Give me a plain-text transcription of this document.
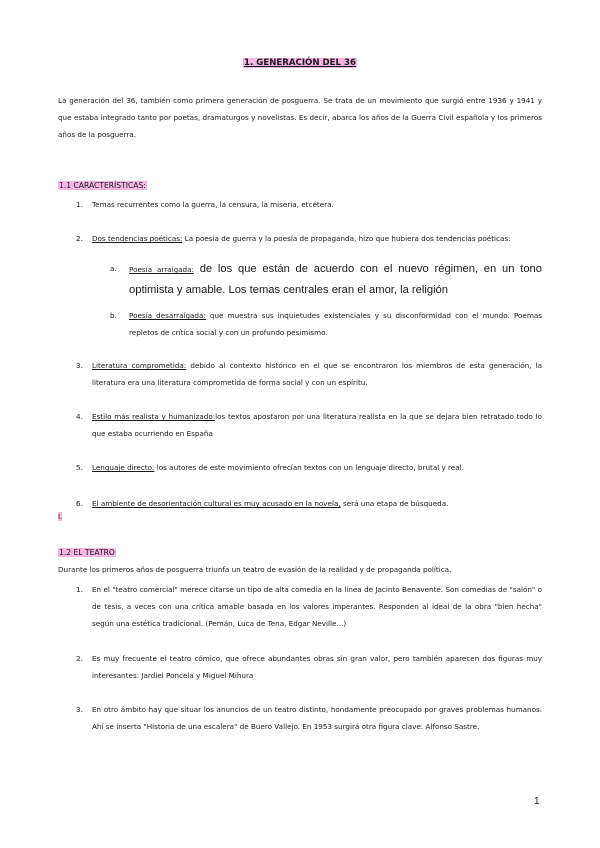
1. GENERACIÓN DEL 36
La generación del 36, también como primera generación de posguerra. Se trata de un movimiento que surgió entre 1936 y 1941 y que estaba integrado tanto por poetas, dramaturgos y novelistas. Es decir, abarca los años de la Guerra Civil española y los primeros años de la posguerra.
1.1 CARACTERÍSTICAS:
1. Temas recurrentes como la guerra, la censura, la miseria, etcétera.
2. Dos tendencias poéticas: La poesía de guerra y la poesía de propaganda, hizo que hubiera dos tendencias poéticas:
a. Poesía arraigada: de los que están de acuerdo con el nuevo régimen, en un tono optimista y amable. Los temas centrales eran el amor, la religión
b. Poesía desarraigada: que muestra sus inquietudes existenciales y su disconformidad con el mundo. Poemas repletos de crítica social y con un profundo pesimismo.
3. Literatura comprometida: debido al contexto histórico en el que se encontraron los miembros de esta generación, la literatura era una literatura comprometida de forma social y con un espíritu.
4. Estilo más realista y humanizado:los textos apostaron por una literatura realista en la que se dejara bien retratado todo lo que estaba ocurriendo en España
5. Lenguaje directo: los autores de este movimiento ofrecían textos con un lenguaje directo, brutal y real.
6. El ambiente de desorientación cultural es muy acusado en la novela, será una etapa de búsqueda.
I.
1.2 EL TEATRO
Durante los primeros años de posguerra triunfa un teatro de evasión de la realidad y de propaganda política.
1. En el "teatro comercial" merece citarse un tipo de alta comedia en la línea de Jacinto Benavente. Son comedias de "salón" o de tesis, a veces con una crítica amable basada en los valores imperantes. Responden al ideal de la obra "bien hecha" según una estética tradicional. (Pemán, Luca de Tena, Edgar Neville...)
2. Es muy frecuente el teatro cómico, que ofrece abundantes obras sin gran valor, pero también aparecen dos figuras muy interesantes: Jardiel Poncela y Miguel Mihura
3. En otro ámbito hay que situar los anuncios de un teatro distinto, hondamente preocupado por graves problemas humanos. Ahí se inserta "Historia de una escalera" de Buero Vallejo. En 1953 surgirá otra figura clave: Alfonso Sastre.
1
